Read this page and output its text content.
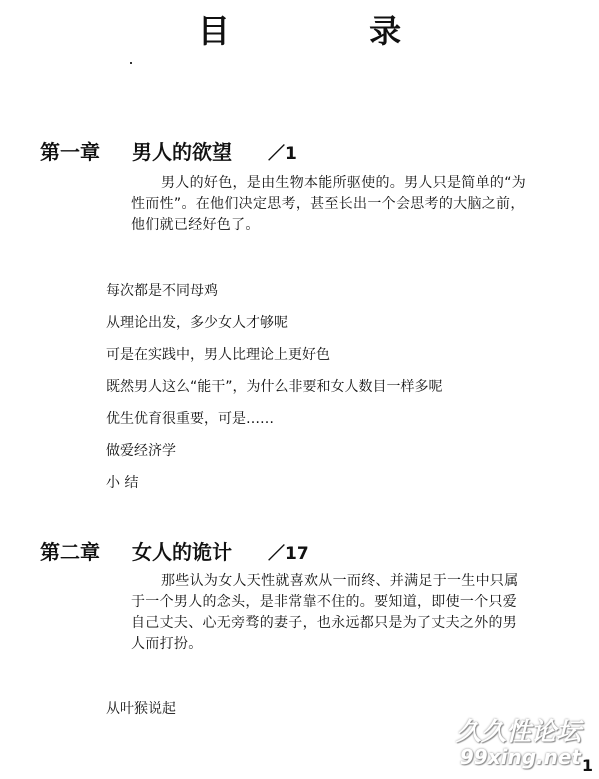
目 录
第一章 男人的欲望 ／1
男人的好色，是由生物本能所驱使的。男人只是简单的“为性而性”。在他们决定思考，甚至长出一个会思考的大脑之前，他们就已经好色了。
每次都是不同母鸡
从理论出发，多少女人才够呢
可是在实践中，男人比理论上更好色
既然男人这么“能干”，为什么非要和女人数目一样多呢
优生优育很重要，可是……
做爱经济学
小 结
第二章 女人的诡计 ／17
那些认为女人天性就喜欢从一而终、并满足于一生中只属于一个男人的念头，是非常靠不住的。要知道，即使一个只爱自己丈夫、心无旁骛的妻子，也永远都只是为了丈夫之外的男人而打扮。
从叶猴说起
久久性论坛
99xing.net 1
